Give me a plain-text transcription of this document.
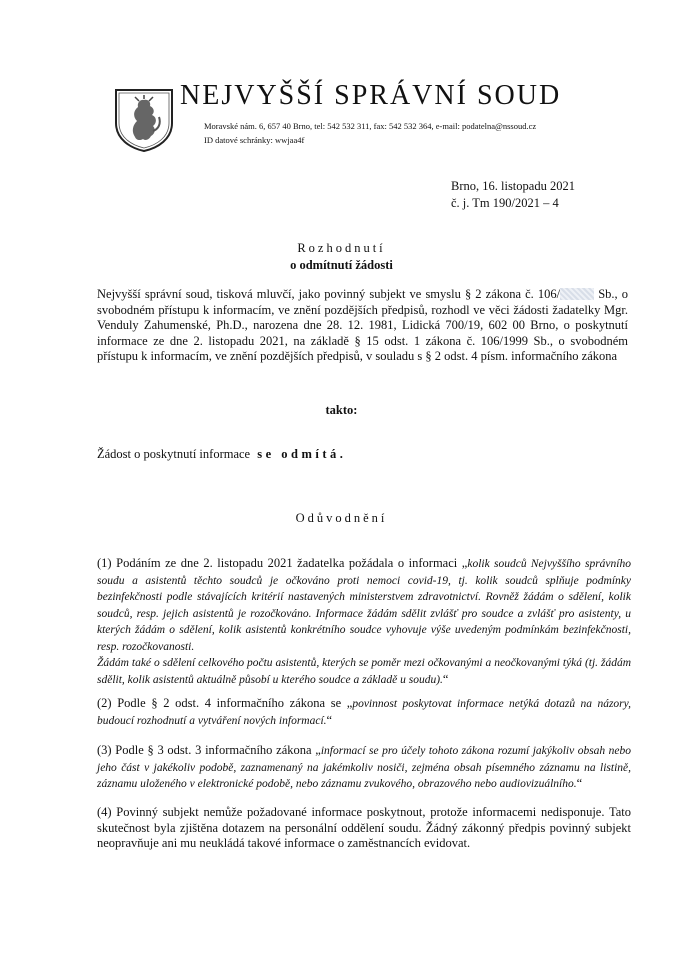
NEJVYŠŠÍ SPRÁVNÍ SOUD
Moravské nám. 6, 657 40 Brno, tel: 542 532 311, fax: 542 532 364, e-mail: podatelna@nssoud.cz
ID datové schránky: wwjaa4f
Brno, 16. listopadu 2021
č. j. Tm 190/2021 – 4
Rozhodnutí
o odmítnutí žádosti
Nejvyšší správní soud, tisková mluvčí, jako povinný subjekt ve smyslu § 2 zákona č. 106/	Sb., o svobodném přístupu k informacím, ve znění pozdějších předpisů, rozhodl ve věci žádosti žadatelky Mgr. Venduly Zahumenské, Ph.D., narozena dne 28. 12. 1981, Lidická 700/19, 602 00 Brno, o poskytnutí informace ze dne 2. listopadu 2021, na základě § 15 odst. 1 zákona č. 106/1999 Sb., o svobodném přístupu k informacím, ve znění pozdějších předpisů, v souladu s § 2 odst. 4 písm. informačního zákona
takto:
Žádost o poskytnutí informace se odmítá.
Odůvodnění
(1) Podáním ze dne 2. listopadu 2021 žadatelka požádala o informaci „kolik soudců Nejvyššího správního soudu a asistentů těchto soudců je očkováno proti nemoci covid-19, tj. kolik soudců splňuje podmínky bezinfekčnosti podle stávajících kritérií nastavených ministerstvem zdravotnictví. Rovněž žádám o sdělení, kolik soudců, resp. jejich asistentů je rozočkováno. Informace žádám sdělit zvlášť pro soudce a zvlášť pro asistenty, u kterých žádám o sdělení, kolik asistentů konkrétního soudce vyhovuje výše uvedeným podmínkám bezinfekčnosti, resp. rozočkovanosti.
Žádám také o sdělení celkového počtu asistentů, kterých se poměr mezi očkovanými a neočkovanými týká (tj. žádám sdělit, kolik asistentů aktuálně působí u kterého soudce a základě u soudu).“
(2) Podle § 2 odst. 4 informačního zákona se „povinnost poskytovat informace netýká dotazů na názory, budoucí rozhodnutí a vytváření nových informací.“
(3) Podle § 3 odst. 3 informačního zákona „informací se pro účely tohoto zákona rozumí jakýkoliv obsah nebo jeho část v jakékoliv podobě, zaznamenaný na jakémkoliv nosiči, zejména obsah písemného záznamu na listině, záznamu uloženého v elektronické podobě, nebo záznamu zvukového, obrazového nebo audiovizuálního.“
(4) Povinný subjekt nemůže požadované informace poskytnout, protože informacemi nedisponuje. Tato skutečnost byla zjištěna dotazem na personální oddělení soudu. Žádný zákonný předpis povinný subjekt neopravňuje ani mu neukládá takové informace o zaměstnancích evidovat.
